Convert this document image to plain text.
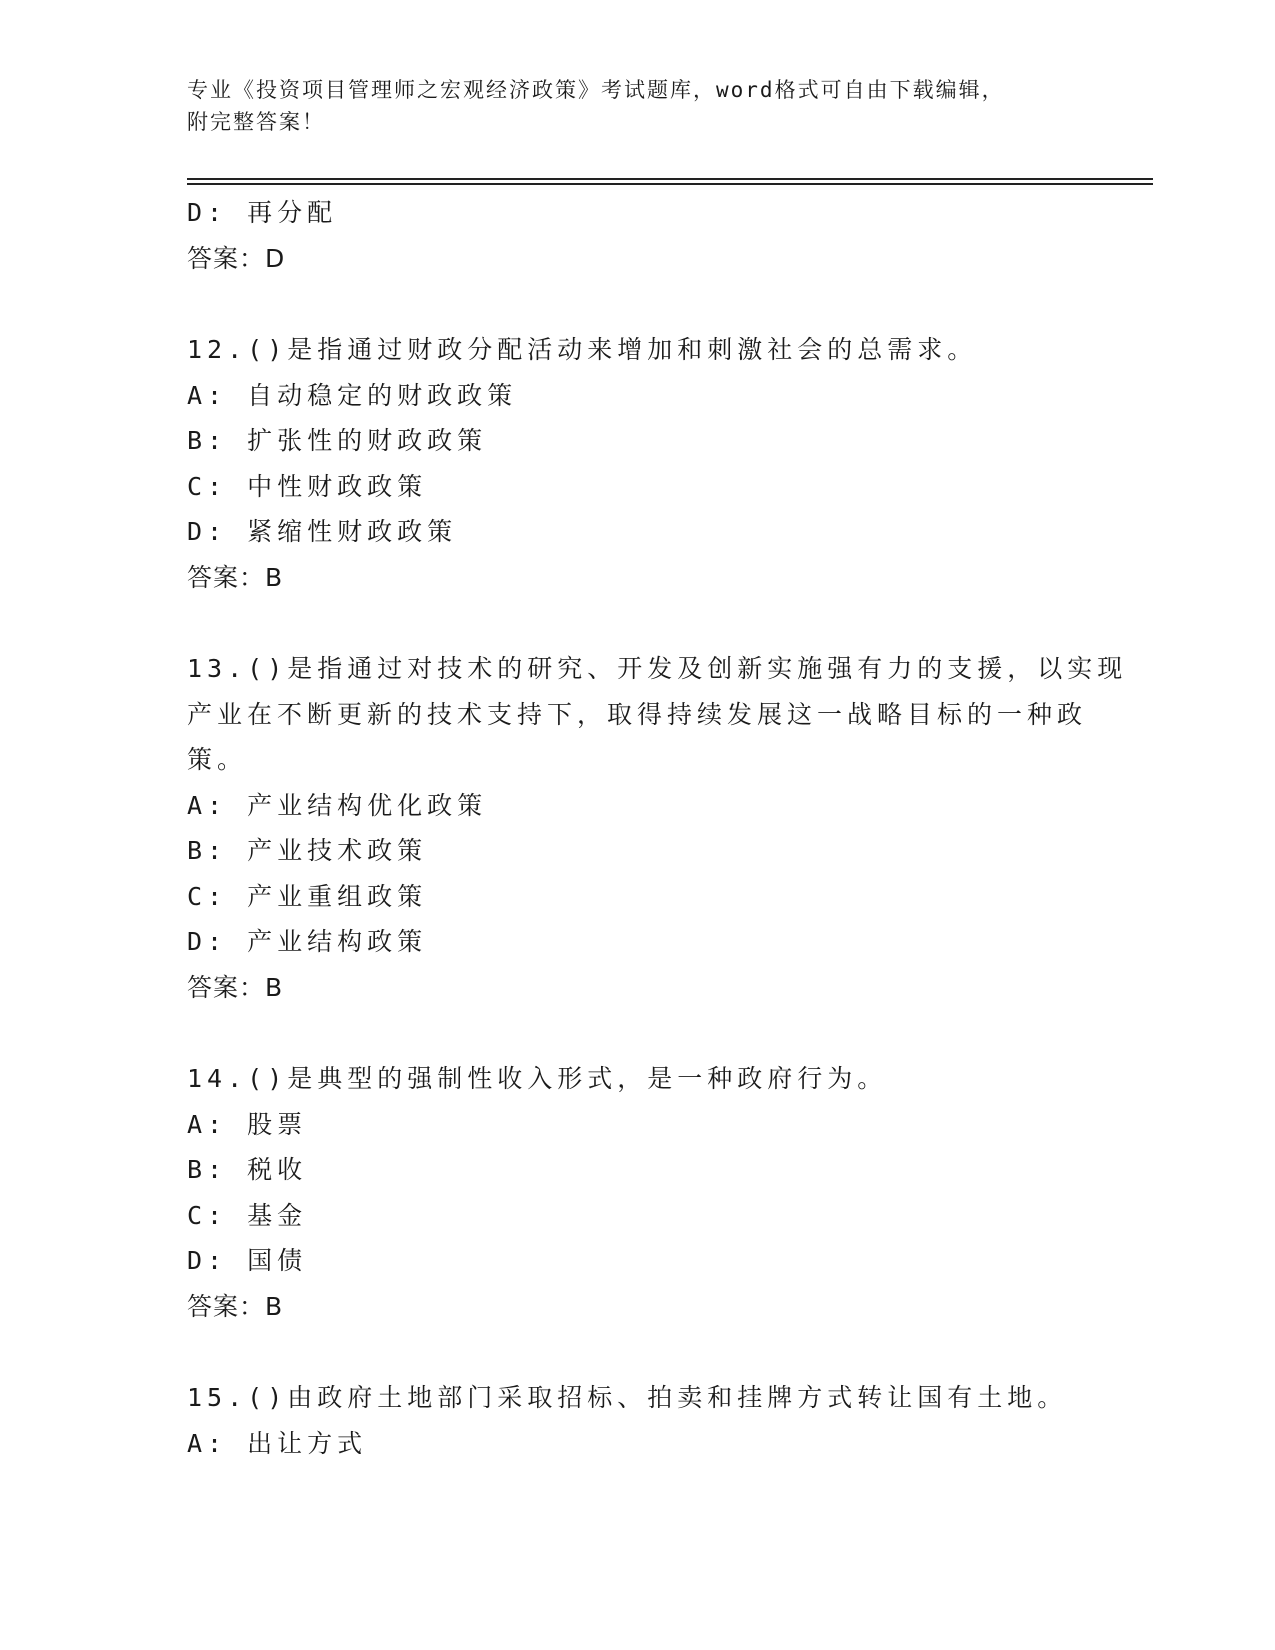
专业《投资项目管理师之宏观经济政策》考试题库，word格式可自由下载编辑，
附完整答案！
D: 再分配
答案：D
12.()是指通过财政分配活动来增加和刺激社会的总需求。
A: 自动稳定的财政政策
B: 扩张性的财政政策
C: 中性财政政策
D: 紧缩性财政政策
答案：B
13.()是指通过对技术的研究、开发及创新实施强有力的支援，以实现
产业在不断更新的技术支持下，取得持续发展这一战略目标的一种政
策。
A: 产业结构优化政策
B: 产业技术政策
C: 产业重组政策
D: 产业结构政策
答案：B
14.()是典型的强制性收入形式，是一种政府行为。
A: 股票
B: 税收
C: 基金
D: 国债
答案：B
15.()由政府土地部门采取招标、拍卖和挂牌方式转让国有土地。
A: 出让方式
